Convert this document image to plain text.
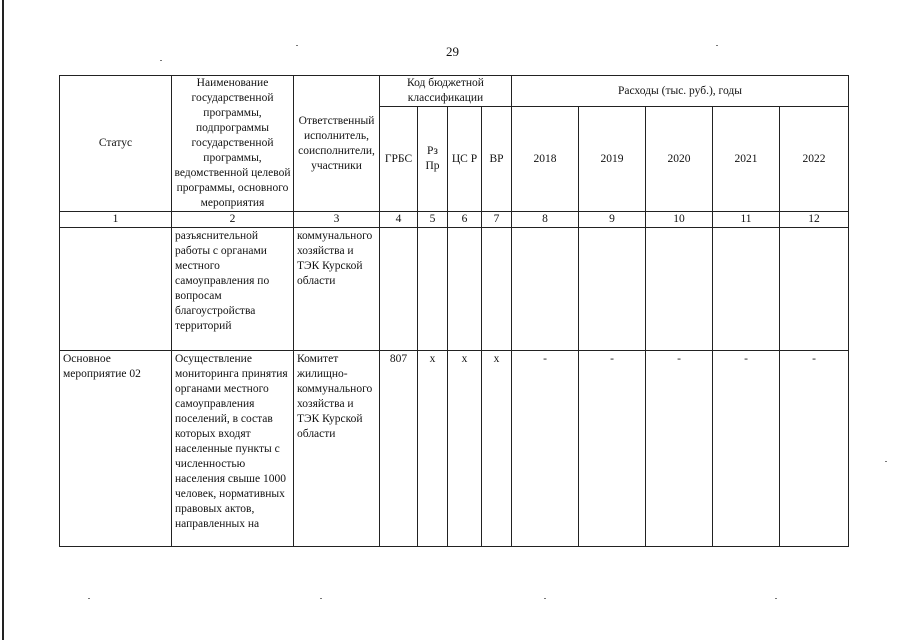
29
Статус	Наименование государственной программы, подпрограммы государственной программы, ведомственной целевой программы, основного мероприятия	Ответственный исполнитель, соисполнители, участники	Код бюджетной классификации				Расходы (тыс. руб.), годы				
			ГРБС	Рз Пр	ЦС Р	ВР	2018	2019	2020	2021	2022
1	2	3	4	5	6	7	8	9	10	11	12
	разъяснительной работы с органами местного самоуправления по вопросам благоустройства территорий	коммунального хозяйства и ТЭК Курской области									
Основное мероприятие 02	Осуществление мониторинга принятия органами местного самоуправления поселений, в состав которых входят населенные пункты с численностью населения свыше 1000 человек, нормативных правовых актов, направленных на	Комитет жилищно-коммунального хозяйства и ТЭК Курской области	807	х	х	х	-	-	-	-	-
